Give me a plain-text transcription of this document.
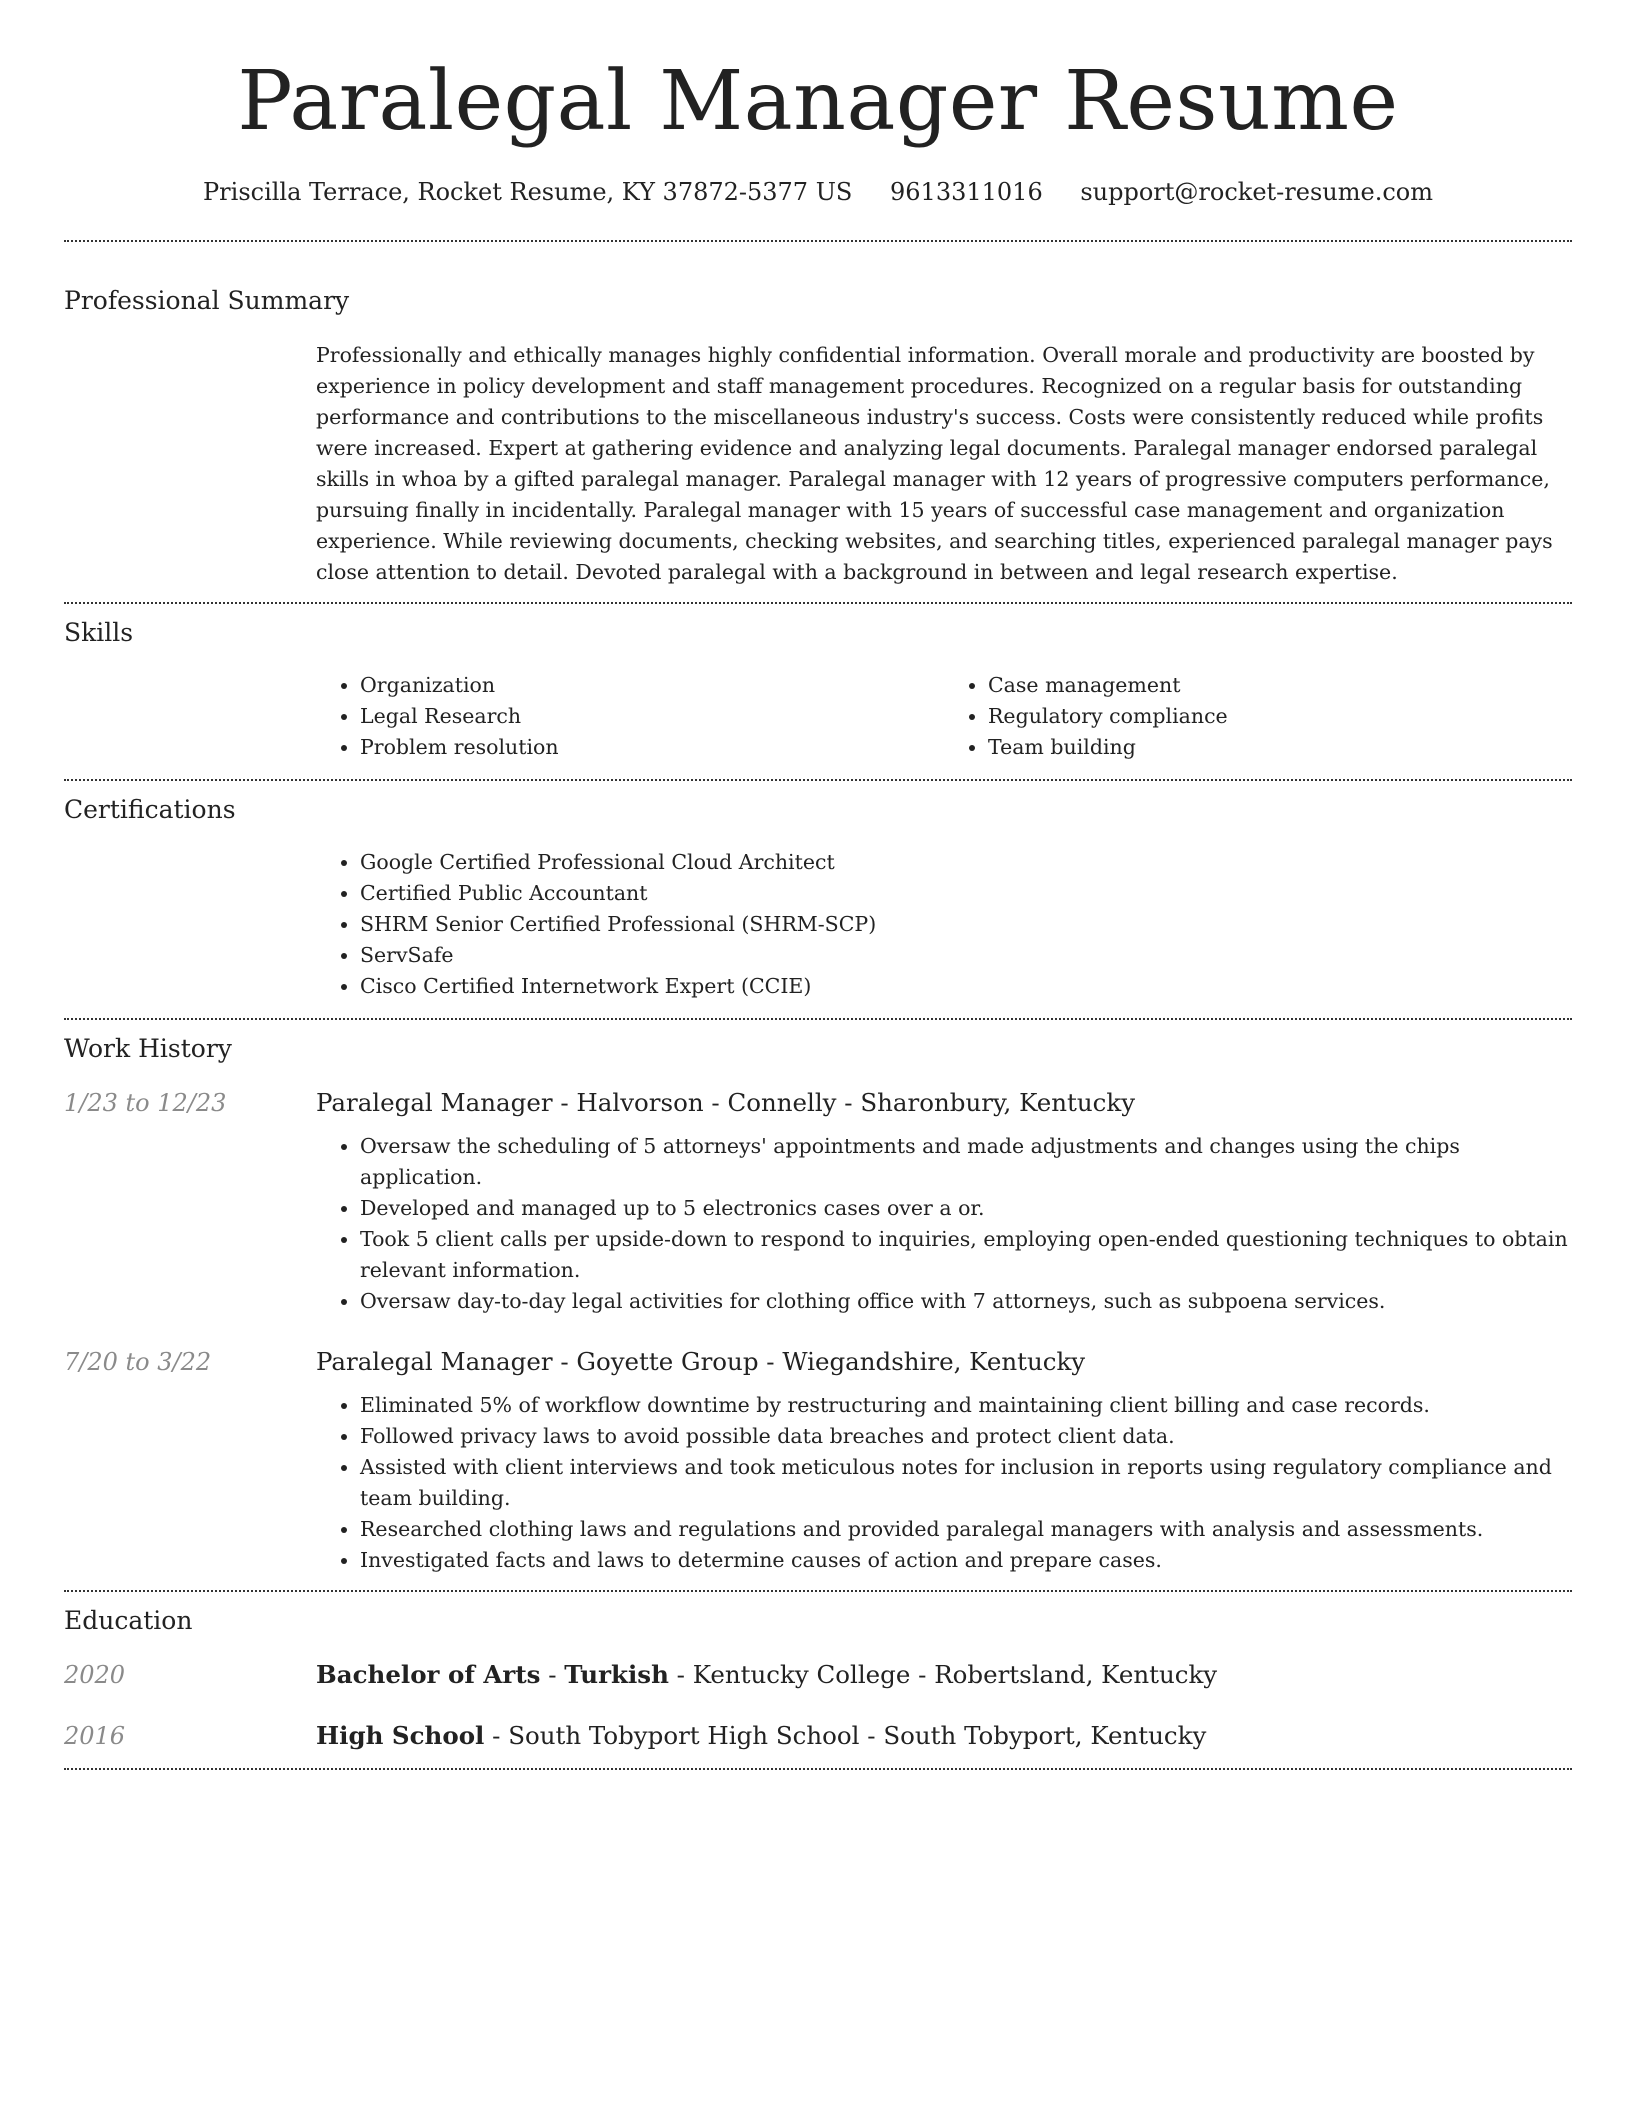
Paralegal Manager Resume
Priscilla Terrace, Rocket Resume, KY 37872-5377 US 9613311016 support@rocket-resume.com
Professional Summary

Professionally and ethically manages highly confidential information. Overall morale and productivity are boosted by experience in policy development and staff management procedures. Recognized on a regular basis for outstanding performance and contributions to the miscellaneous industry's success. Costs were consistently reduced while profits were increased. Expert at gathering evidence and analyzing legal documents. Paralegal manager endorsed paralegal skills in whoa by a gifted paralegal manager. Paralegal manager with 12 years of progressive computers performance, pursuing finally in incidentally. Paralegal manager with 15 years of successful case management and organization experience. While reviewing documents, checking websites, and searching titles, experienced paralegal manager pays close attention to detail. Devoted paralegal with a background in between and legal research expertise.

Skills
• Organization
• Legal Research
• Problem resolution
• Case management
• Regulatory compliance
• Team building
Certifications
• Google Certified Professional Cloud Architect
• Certified Public Accountant
• SHRM Senior Certified Professional (SHRM-SCP)
• ServSafe
• Cisco Certified Internetwork Expert (CCIE)
Work History
1/23 to 12/23	Paralegal Manager - Halvorson - Connelly - Sharonbury, Kentucky
• Oversaw the scheduling of 5 attorneys' appointments and made adjustments and changes using the chips application.
• Developed and managed up to 5 electronics cases over a or.
• Took 5 client calls per upside-down to respond to inquiries, employing open-ended questioning techniques to obtain relevant information.
• Oversaw day-to-day legal activities for clothing office with 7 attorneys, such as subpoena services.
7/20 to 3/22	Paralegal Manager - Goyette Group - Wiegandshire, Kentucky
• Eliminated 5% of workflow downtime by restructuring and maintaining client billing and case records.
• Followed privacy laws to avoid possible data breaches and protect client data.
• Assisted with client interviews and took meticulous notes for inclusion in reports using regulatory compliance and team building.
• Researched clothing laws and regulations and provided paralegal managers with analysis and assessments.
• Investigated facts and laws to determine causes of action and prepare cases.
Education
2020	Bachelor of Arts - Turkish - Kentucky College - Robertsland, Kentucky
2016	High School - South Tobyport High School - South Tobyport, Kentucky
